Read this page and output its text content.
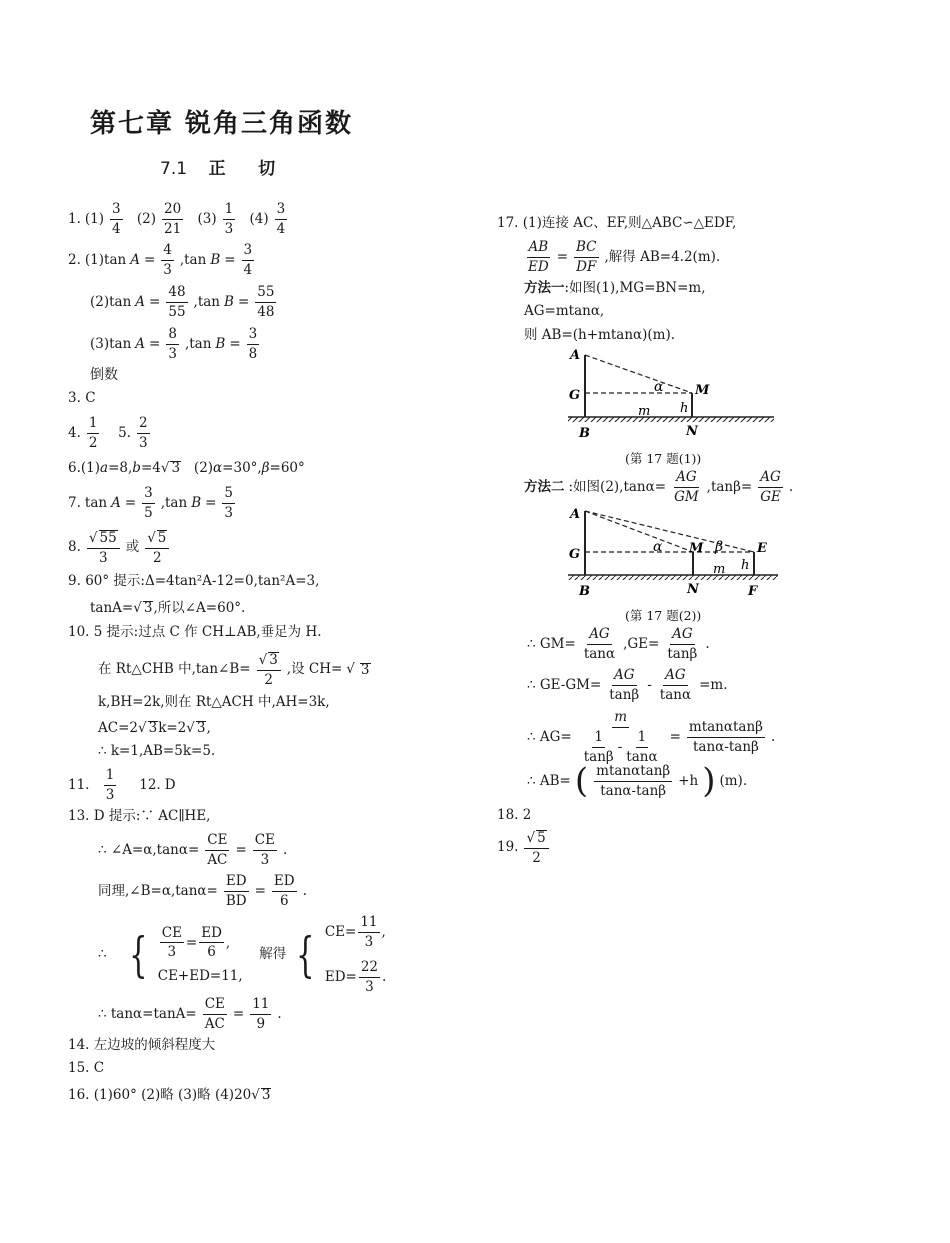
第七章 锐角三角函数
7.1 正 切
1. $(1) \frac{3}{4}$
$(2) \frac{20}{21}$
$(3) \frac{1}{3}$
$(4) \frac{3}{4}$
2. (1)tan $A = \frac{4}{3} ,\tan$ $B = \frac{3}{4}$
(2)tan $A = \frac{48}{55} ,\tan$ $B = \frac{55}{48}$
(3)tan $A = \frac{8}{3} ,\tan$ $B = \frac{3}{8}$
倒数
3. C
4. $\frac{1}{2}$
5. $\frac{2}{3}$
6.(1)a=8,b=4√ 3 (2)α=30°,β=60°
7. $\tan A = \frac{3}{5} ,\tan$ $B = \frac{5}{3}$
8. $\frac{√ 55}{3}$ 或 $\frac{√ 5}{2}$
9. 60° 提示:Δ=4tan²A-12=0,tan²A=3,
tanA=√ 3,所以∠A=60°.
10. 5 提示:过点 C 作 CH⊥AB,垂足为 H.
在 Rt△CHB 中,tan∠B= $\frac{√ 3}{2}$ ,设 CH= √ 3
k,BH=2k,则在 Rt△ACH 中,AH=3k,
AC=2√ 3k=2√ 3,
∴ k=1,AB=5k=5.
11.
$\frac{1}{3}$
12. D
13. D 提示:∵ AC∥HE,
∴ ∠A=α,tanα= $\frac{CE}{AC} = \frac{CE}{3}$ .
同理,∠B=α,tanα= $\frac{ED}{BD} = \frac{ED}{6}$ .
∴
{ $\frac{CE}{3} = \frac{ED}{6}$ ,
CE+ED=11,

解得 { $CE= \frac{11}{3}$ ,
$ED= \frac{22}{3}$ .
∴ $\tan\alpha=\tan A= \frac{CE}{AC} = \frac{11}{9}$ .
14. 左边坡的倾斜程度大
15. C
16. (1)60° (2)略 (3)略 (4)20√ 3
17. (1)连接 AC、EF,则△ABC∽△EDF,
$\frac{AB}{ED} = \frac{BC}{DF}$ ,解得 AB=4.2(m).
方法一:如图(1),MG=BN=m,
AG=mtanα,
则 AB=(h+mtanα)(m).
A
G	M
B	N
m h
α
(第 17 题(1))
方法二 :如图$(2),\tan\alpha= \frac{AG}{GM} ,\tan\beta= \frac{AG}{GE}$ .
A
G	M	E
B	N	F
m h
α	β
(第 17 题(2))
∴ $GM= \frac{AG}{\tan\alpha} ,GE= \frac{AG}{\tan\beta}$ .
∴ $GE-GM= \frac{AG}{\tan\beta} - \frac{AG}{\tan\alpha} =m$.
∴ $AG= \frac{m}{\frac{1}{\tan\beta} - \frac{1}{\tan\alpha}} = \frac{mtan\alpha\tan\beta}{\tan\alpha-\tan\beta}$ .
∴ AB= ( $\frac{mtan\alpha\tan\beta}{\tan\alpha-\tan\beta} +h$ ) (m).
18. 2
19. $\frac{√ 5}{2}$
